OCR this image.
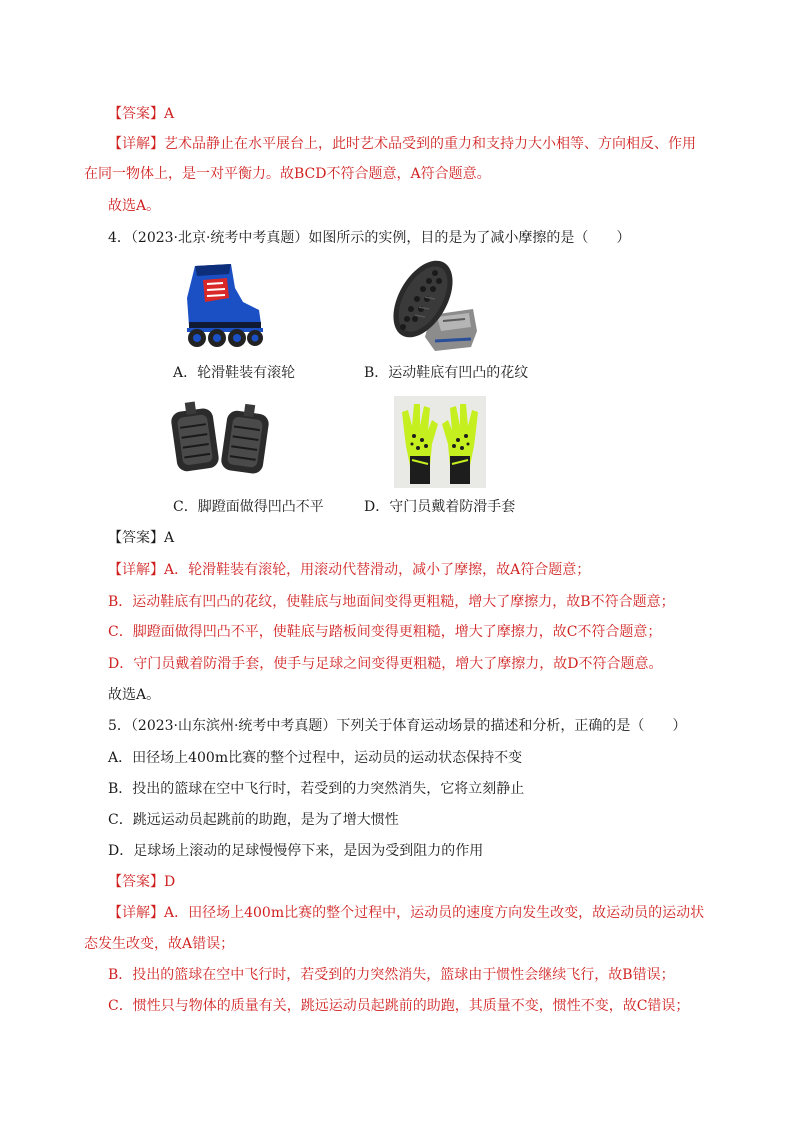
【答案】A
【详解】艺术品静止在水平展台上，此时艺术品受到的重力和支持力大小相等、方向相反、作用
在同一物体上，是一对平衡力。故BCD不符合题意，A符合题意。
故选A。
4．（2023·北京·统考中考真题）如图所示的实例，目的是为了减小摩擦的是（　　）
A．轮滑鞋装有滚轮	B．运动鞋底有凹凸的花纹
C．脚蹬面做得凹凸不平	D．守门员戴着防滑手套
【答案】A
【详解】A．轮滑鞋装有滚轮，用滚动代替滑动，减小了摩擦，故A符合题意；
B．运动鞋底有凹凸的花纹，使鞋底与地面间变得更粗糙，增大了摩擦力，故B不符合题意；
C．脚蹬面做得凹凸不平，使鞋底与踏板间变得更粗糙，增大了摩擦力，故C不符合题意；
D．守门员戴着防滑手套，使手与足球之间变得更粗糙，增大了摩擦力，故D不符合题意。
故选A。
5．（2023·山东滨州·统考中考真题）下列关于体育运动场景的描述和分析，正确的是（　　）
A．田径场上400m比赛的整个过程中，运动员的运动状态保持不变
B．投出的篮球在空中飞行时，若受到的力突然消失，它将立刻静止
C．跳远运动员起跳前的助跑，是为了增大惯性
D．足球场上滚动的足球慢慢停下来，是因为受到阻力的作用
【答案】D
【详解】A．田径场上400m比赛的整个过程中，运动员的速度方向发生改变，故运动员的运动状
态发生改变，故A错误；
B．投出的篮球在空中飞行时，若受到的力突然消失，篮球由于惯性会继续飞行，故B错误；
C．惯性只与物体的质量有关，跳远运动员起跳前的助跑，其质量不变，惯性不变，故C错误；
